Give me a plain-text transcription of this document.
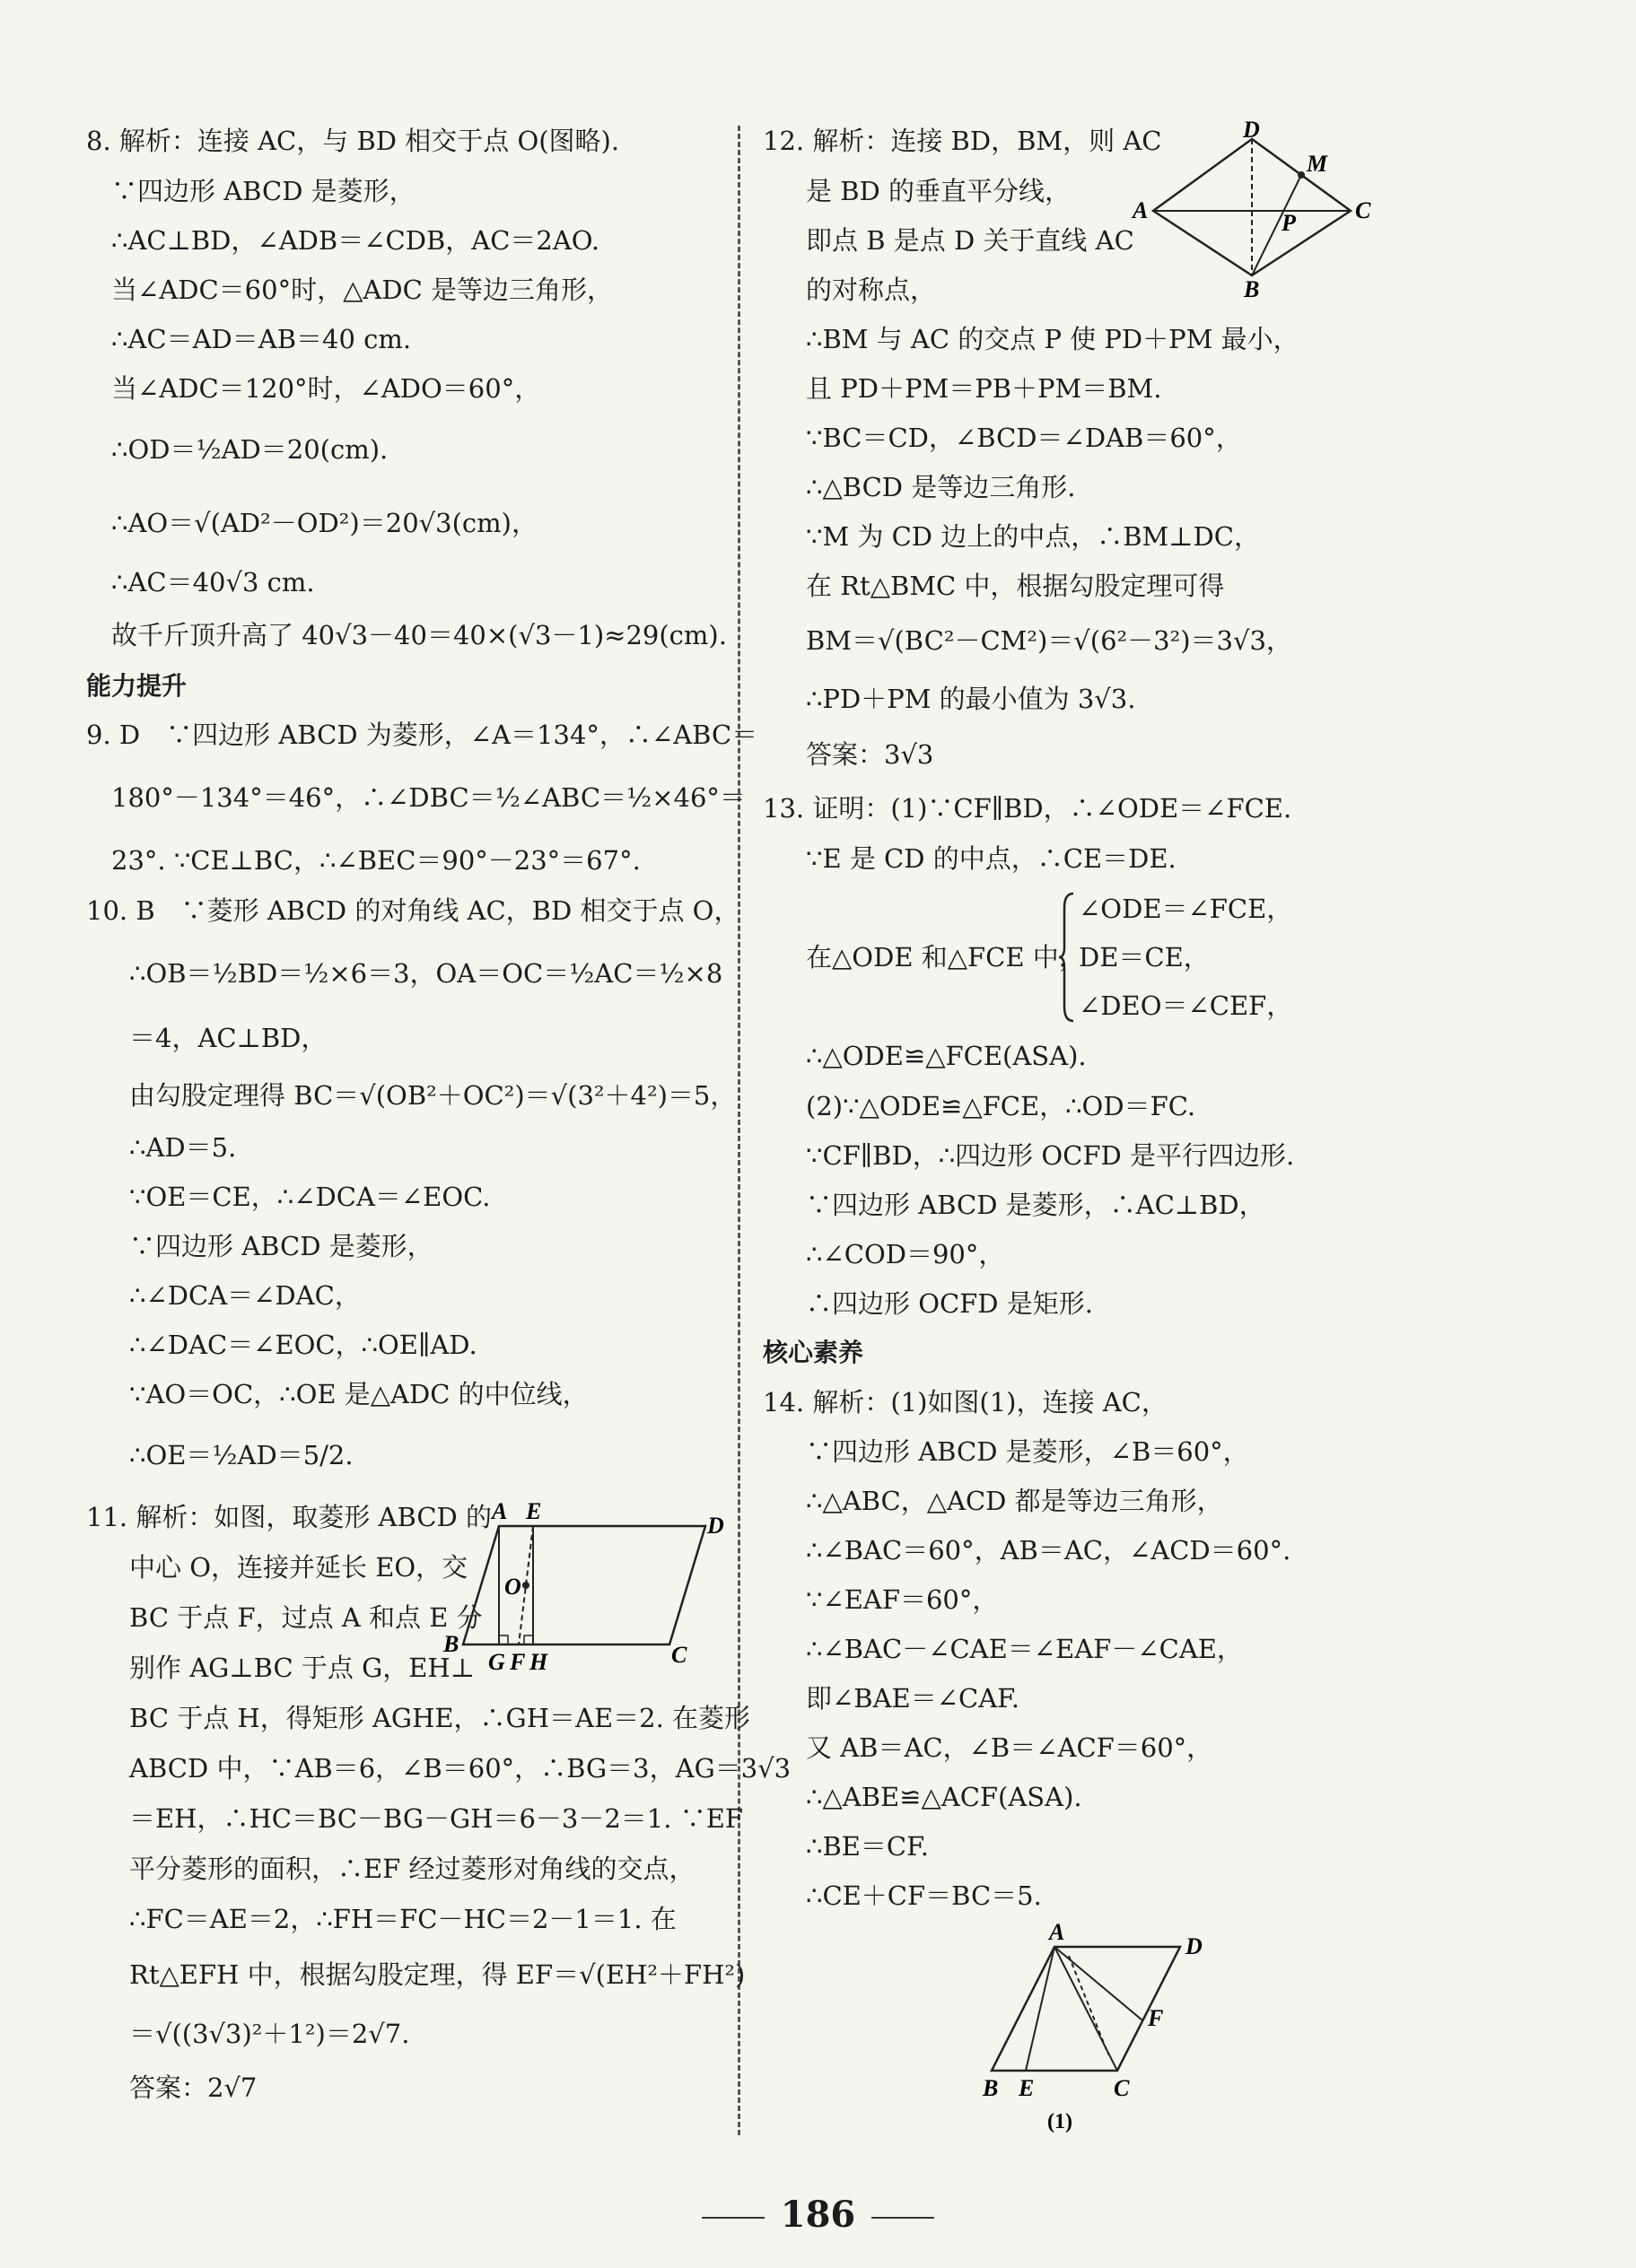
8. 解析：连接 AC，与 BD 相交于点 O(图略).
∵四边形 ABCD 是菱形，
∴AC⊥BD，∠ADB＝∠CDB，AC＝2AO.
当∠ADC＝60°时，△ADC 是等边三角形，
∴AC＝AD＝AB＝40 cm.
当∠ADC＝120°时，∠ADO＝60°，
∴OD＝½AD＝20(cm).
∴AO＝√(AD²－OD²)＝20√3(cm)，
∴AC＝40√3 cm.
故千斤顶升高了 40√3－40＝40×(√3－1)≈29(cm).
能力提升
9. D　∵四边形 ABCD 为菱形，∠A＝134°，∴∠ABC＝
180°－134°＝46°，∴∠DBC＝½∠ABC＝½×46°＝
23°. ∵CE⊥BC，∴∠BEC＝90°－23°＝67°.
10. B　∵菱形 ABCD 的对角线 AC，BD 相交于点 O，
∴OB＝½BD＝½×6＝3，OA＝OC＝½AC＝½×8
＝4，AC⊥BD，
由勾股定理得 BC＝√(OB²＋OC²)＝√(3²＋4²)＝5，
∴AD＝5.
∵OE＝CE，∴∠DCA＝∠EOC.
∵四边形 ABCD 是菱形，
∴∠DCA＝∠DAC，
∴∠DAC＝∠EOC，∴OE∥AD.
∵AO＝OC，∴OE 是△ADC 的中位线，
∴OE＝½AD＝5/2.
11. 解析：如图，取菱形 ABCD 的
中心 O，连接并延长 EO，交
BC 于点 F，过点 A 和点 E 分
别作 AG⊥BC 于点 G，EH⊥
BC 于点 H，得矩形 AGHE，∴GH＝AE＝2. 在菱形
ABCD 中，∵AB＝6，∠B＝60°，∴BG＝3，AG＝3√3
＝EH，∴HC＝BC－BG－GH＝6－3－2＝1. ∵EF
平分菱形的面积，∴EF 经过菱形对角线的交点，
∴FC＝AE＝2，∴FH＝FC－HC＝2－1＝1. 在
Rt△EFH 中，根据勾股定理，得 EF＝√(EH²＋FH²)
＝√((3√3)²＋1²)＝2√7.
答案：2√7
A E
D
O
B
G F H	C
12. 解析：连接 BD，BM，则 AC
是 BD 的垂直平分线，
即点 B 是点 D 关于直线 AC
的对称点，
∴BM 与 AC 的交点 P 使 PD＋PM 最小，
且 PD＋PM＝PB＋PM＝BM.
∵BC＝CD，∠BCD＝∠DAB＝60°，
∴△BCD 是等边三角形.
∵M 为 CD 边上的中点，∴BM⊥DC，
在 Rt△BMC 中，根据勾股定理可得
BM＝√(BC²－CM²)＝√(6²－3²)＝3√3，
∴PD＋PM 的最小值为 3√3.
答案：3√3
13. 证明：(1)∵CF∥BD，∴∠ODE＝∠FCE.
∵E 是 CD 的中点，∴CE＝DE.
∠ODE＝∠FCE，
在△ODE 和△FCE 中，
DE＝CE，
∠DEO＝∠CEF，
∴△ODE≌△FCE(ASA).
(2)∵△ODE≌△FCE，∴OD＝FC.
∵CF∥BD，∴四边形 OCFD 是平行四边形.
∵四边形 ABCD 是菱形，∴AC⊥BD，
∴∠COD＝90°，
∴四边形 OCFD 是矩形.
核心素养
14. 解析：(1)如图(1)，连接 AC，
∵四边形 ABCD 是菱形，∠B＝60°，
∴△ABC，△ACD 都是等边三角形，
∴∠BAC＝60°，AB＝AC，∠ACD＝60°.
∵∠EAF＝60°，
∴∠BAC－∠CAE＝∠EAF－∠CAE，
即∠BAE＝∠CAF.
又 AB＝AC，∠B＝∠ACF＝60°，
∴△ABE≌△ACF(ASA).
∴BE＝CF.
∴CE＋CF＝BC＝5.
D
M
A	P	C
B
A
D
F
B E	C
(1)
186
